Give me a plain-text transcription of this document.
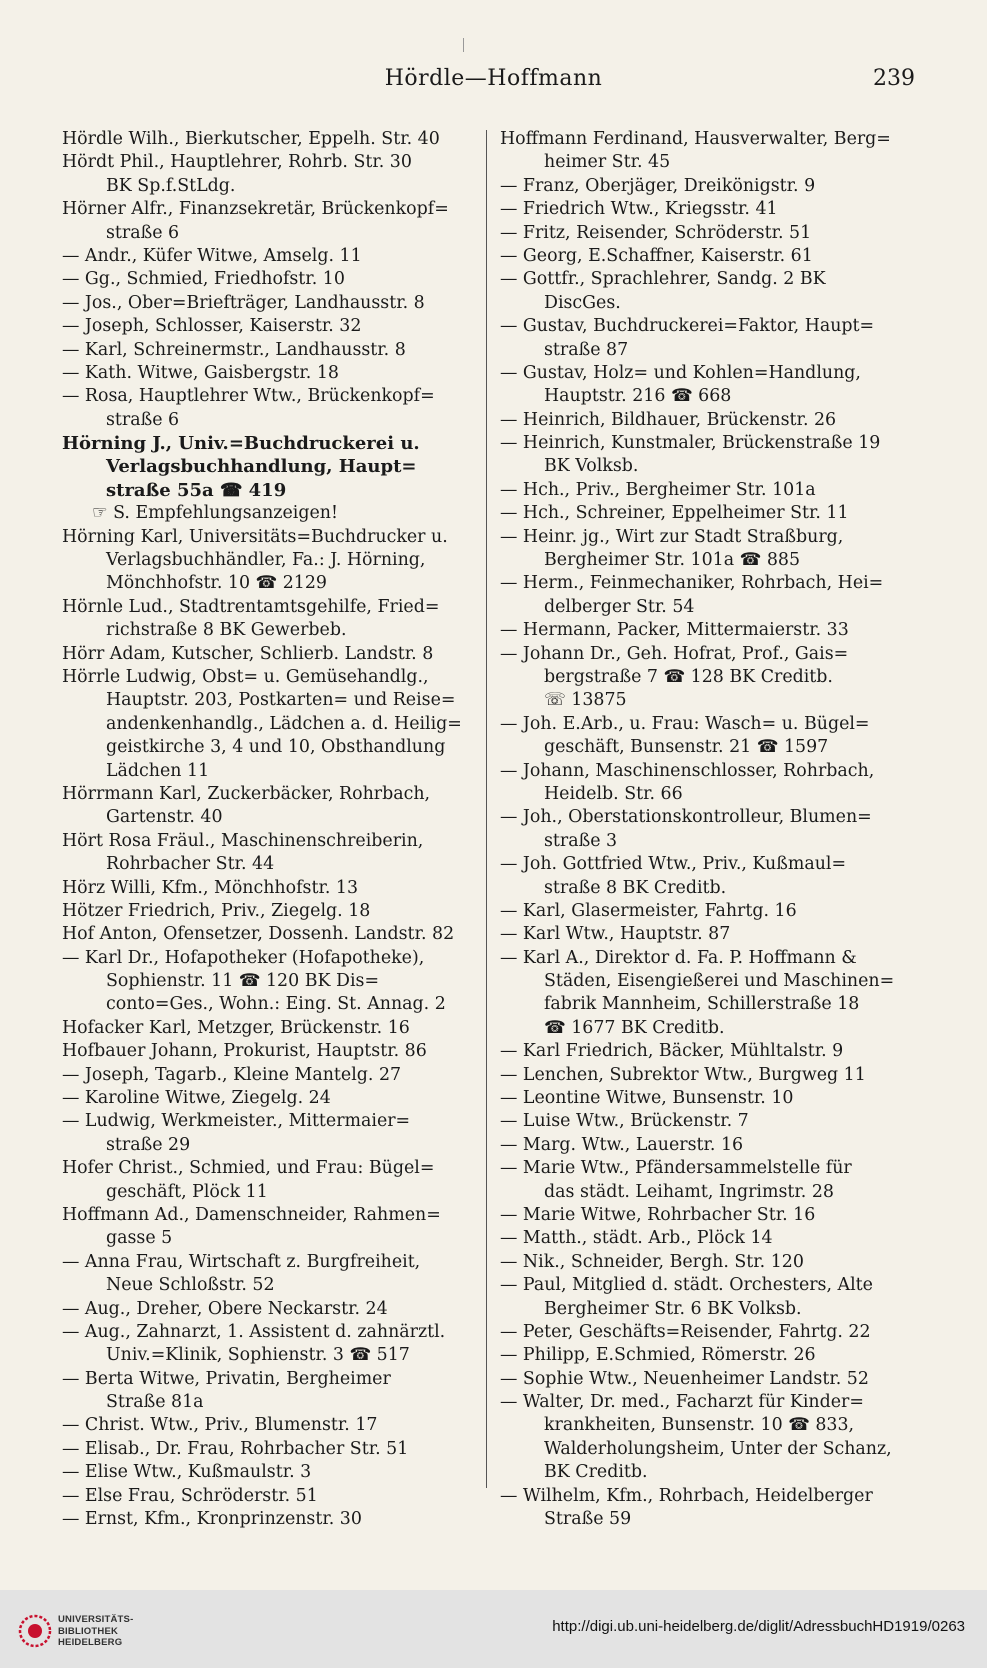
Hördle—Hoffmann	239
Hördle Wilh., Bierkutscher, Eppelh. Str. 40
Hördt Phil., Hauptlehrer, Rohrb. Str. 30
BK Sp.f.StLdg.
Hörner Alfr., Finanzsekretär, Brückenkopf=
straße 6
— Andr., Küfer Witwe, Amselg. 11
— Gg., Schmied, Friedhofstr. 10
— Jos., Ober=Briefträger, Landhausstr. 8
— Joseph, Schlosser, Kaiserstr. 32
— Karl, Schreinermstr., Landhausstr. 8
— Kath. Witwe, Gaisbergstr. 18
— Rosa, Hauptlehrer Wtw., Brückenkopf=
straße 6
Hörning J., Univ.=Buchdruckerei u.
Verlagsbuchhandlung, Haupt=
straße 55a ☎ 419
☞ S. Empfehlungsanzeigen!
Hörning Karl, Universitäts=Buchdrucker u.
Verlagsbuchhändler, Fa.: J. Hörning,
Mönchhofstr. 10 ☎ 2129
Hörnle Lud., Stadtrentamtsgehilfe, Fried=
richstraße 8 BK Gewerbeb.
Hörr Adam, Kutscher, Schlierb. Landstr. 8
Hörrle Ludwig, Obst= u. Gemüsehandlg.,
Hauptstr. 203, Postkarten= und Reise=
andenkenhandlg., Lädchen a. d. Heilig=
geistkirche 3, 4 und 10, Obsthandlung
Lädchen 11
Hörrmann Karl, Zuckerbäcker, Rohrbach,
Gartenstr. 40
Hört Rosa Fräul., Maschinenschreiberin,
Rohrbacher Str. 44
Hörz Willi, Kfm., Mönchhofstr. 13
Hötzer Friedrich, Priv., Ziegelg. 18
Hof Anton, Ofensetzer, Dossenh. Landstr. 82
— Karl Dr., Hofapotheker (Hofapotheke),
Sophienstr. 11 ☎ 120 BK Dis=
conto=Ges., Wohn.: Eing. St. Annag. 2
Hofacker Karl, Metzger, Brückenstr. 16
Hofbauer Johann, Prokurist, Hauptstr. 86
— Joseph, Tagarb., Kleine Mantelg. 27
— Karoline Witwe, Ziegelg. 24
— Ludwig, Werkmeister., Mittermaier=
straße 29
Hofer Christ., Schmied, und Frau: Bügel=
geschäft, Plöck 11
Hoffmann Ad., Damenschneider, Rahmen=
gasse 5
— Anna Frau, Wirtschaft z. Burgfreiheit,
Neue Schloßstr. 52
— Aug., Dreher, Obere Neckarstr. 24
— Aug., Zahnarzt, 1. Assistent d. zahnärztl.
Univ.=Klinik, Sophienstr. 3 ☎ 517
— Berta Witwe, Privatin, Bergheimer
Straße 81a
— Christ. Wtw., Priv., Blumenstr. 17
— Elisab., Dr. Frau, Rohrbacher Str. 51
— Elise Wtw., Kußmaulstr. 3
— Else Frau, Schröderstr. 51
— Ernst, Kfm., Kronprinzenstr. 30
Hoffmann Ferdinand, Hausverwalter, Berg=
heimer Str. 45
— Franz, Oberjäger, Dreikönigstr. 9
— Friedrich Wtw., Kriegsstr. 41
— Fritz, Reisender, Schröderstr. 51
— Georg, E.Schaffner, Kaiserstr. 61
— Gottfr., Sprachlehrer, Sandg. 2 BK
DiscGes.
— Gustav, Buchdruckerei=Faktor, Haupt=
straße 87
— Gustav, Holz= und Kohlen=Handlung,
Hauptstr. 216 ☎ 668
— Heinrich, Bildhauer, Brückenstr. 26
— Heinrich, Kunstmaler, Brückenstraße 19
BK Volksb.
— Hch., Priv., Bergheimer Str. 101a
— Hch., Schreiner, Eppelheimer Str. 11
— Heinr. jg., Wirt zur Stadt Straßburg,
Bergheimer Str. 101a ☎ 885
— Herm., Feinmechaniker, Rohrbach, Hei=
delberger Str. 54
— Hermann, Packer, Mittermaierstr. 33
— Johann Dr., Geh. Hofrat, Prof., Gais=
bergstraße 7 ☎ 128 BK Creditb.
☏ 13875
— Joh. E.Arb., u. Frau: Wasch= u. Bügel=
geschäft, Bunsenstr. 21 ☎ 1597
— Johann, Maschinenschlosser, Rohrbach,
Heidelb. Str. 66
— Joh., Oberstationskontrolleur, Blumen=
straße 3
— Joh. Gottfried Wtw., Priv., Kußmaul=
straße 8 BK Creditb.
— Karl, Glasermeister, Fahrtg. 16
— Karl Wtw., Hauptstr. 87
— Karl A., Direktor d. Fa. P. Hoffmann &
Städen, Eisengießerei und Maschinen=
fabrik Mannheim, Schillerstraße 18
☎ 1677 BK Creditb.
— Karl Friedrich, Bäcker, Mühltalstr. 9
— Lenchen, Subrektor Wtw., Burgweg 11
— Leontine Witwe, Bunsenstr. 10
— Luise Wtw., Brückenstr. 7
— Marg. Wtw., Lauerstr. 16
— Marie Wtw., Pfändersammelstelle für
das städt. Leihamt, Ingrimstr. 28
— Marie Witwe, Rohrbacher Str. 16
— Matth., städt. Arb., Plöck 14
— Nik., Schneider, Bergh. Str. 120
— Paul, Mitglied d. städt. Orchesters, Alte
Bergheimer Str. 6 BK Volksb.
— Peter, Geschäfts=Reisender, Fahrtg. 22
— Philipp, E.Schmied, Römerstr. 26
— Sophie Wtw., Neuenheimer Landstr. 52
— Walter, Dr. med., Facharzt für Kinder=
krankheiten, Bunsenstr. 10 ☎ 833,
Walderholungsheim, Unter der Schanz,
BK Creditb.
— Wilhelm, Kfm., Rohrbach, Heidelberger
Straße 59
UNIVERSITÄTS-
BIBLIOTHEK
HEIDELBERG
http://digi.ub.uni-heidelberg.de/diglit/AdressbuchHD1919/0263
